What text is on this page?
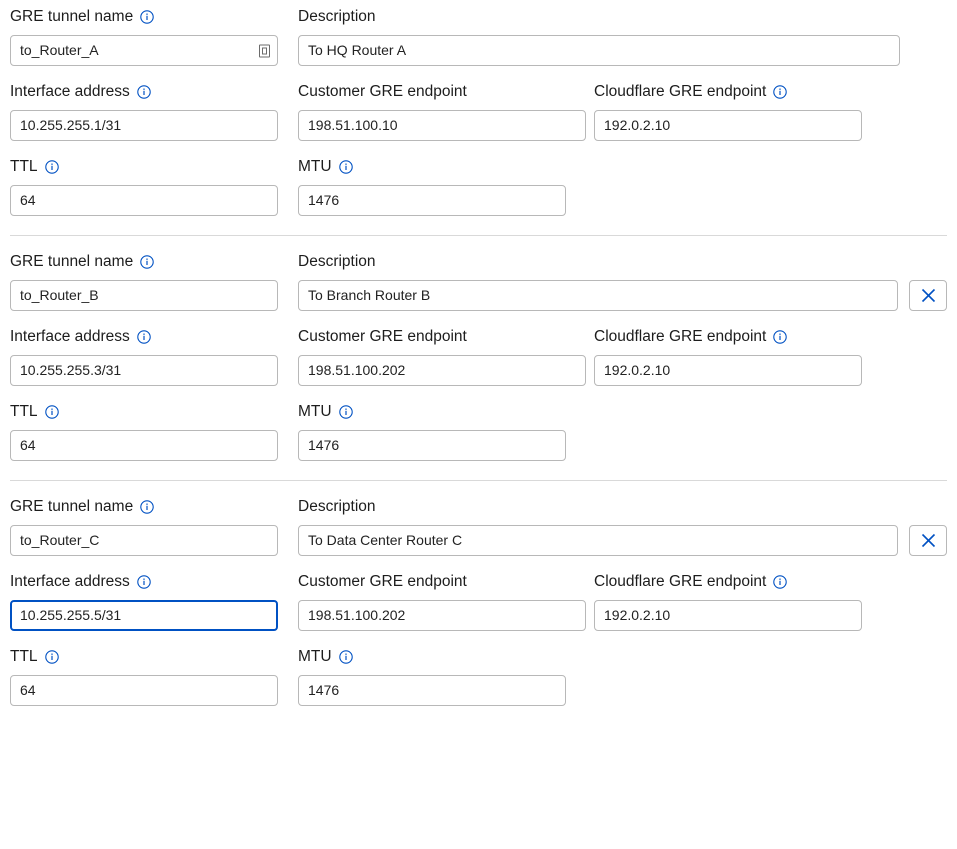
GRE tunnel name
to_Router_A
Description
To HQ Router A
Interface address
10.255.255.1/31
Customer GRE endpoint
198.51.100.10
Cloudflare GRE endpoint
192.0.2.10
TTL
64
MTU
1476
GRE tunnel name
to_Router_B
Description
To Branch Router B
Interface address
10.255.255.3/31
Customer GRE endpoint
198.51.100.202
Cloudflare GRE endpoint
192.0.2.10
TTL
64
MTU
1476
GRE tunnel name
to_Router_C
Description
To Data Center Router C
Interface address
10.255.255.5/31
Customer GRE endpoint
198.51.100.202
Cloudflare GRE endpoint
192.0.2.10
TTL
64
MTU
1476
